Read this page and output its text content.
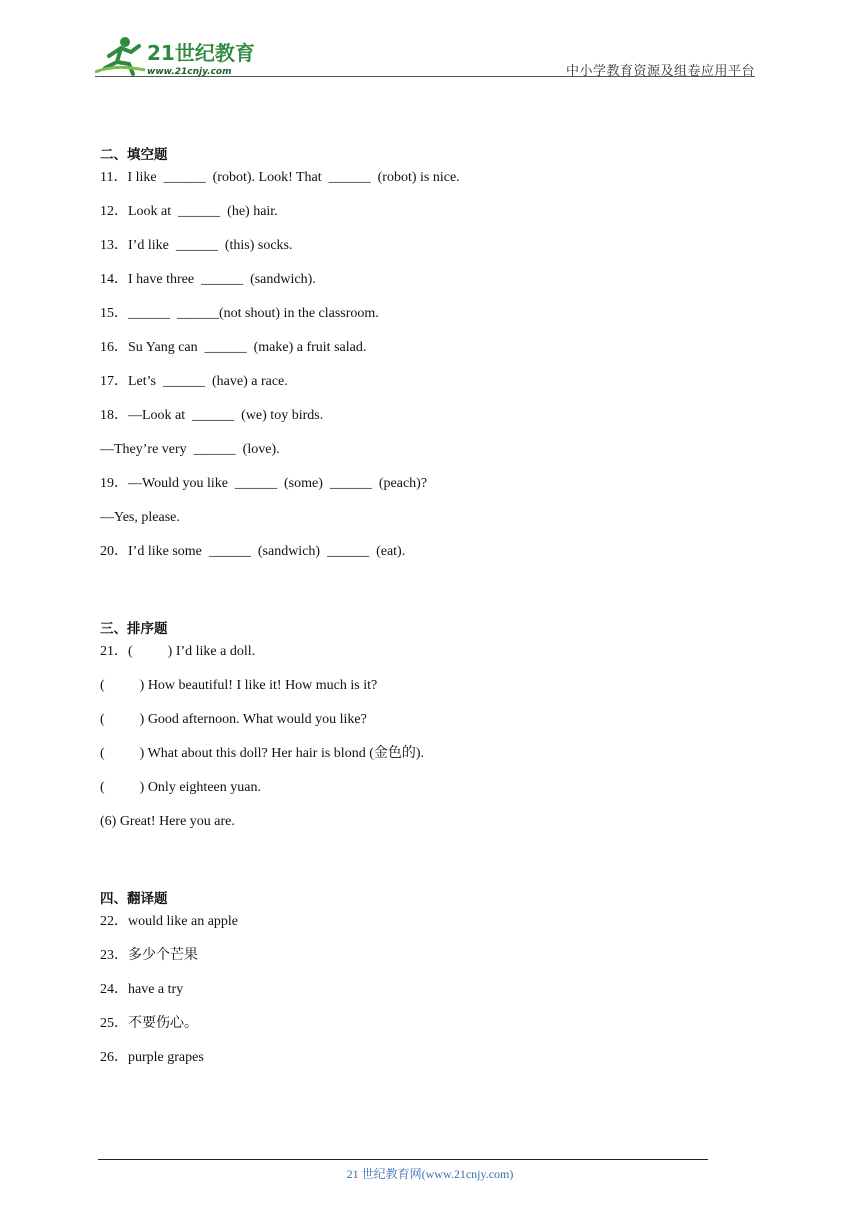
21世纪教育
www.21cnjy.com	中小学教育资源及组卷应用平台
二、填空题
11．I like  ______  (robot). Look! That  ______  (robot) is nice.
12．Look at  ______  (he) hair.
13．I’d like  ______  (this) socks.
14．I have three  ______  (sandwich).
15．______  ______(not shout) in the classroom.
16．Su Yang can  ______  (make) a fruit salad.
17．Let’s  ______  (have) a race.
18．—Look at  ______  (we) toy birds.
—They’re very  ______  (love).
19．—Would you like  ______  (some)  ______  (peach)?
—Yes, please.
20．I’d like some  ______  (sandwich)  ______  (eat).
三、排序题
21．(          ) I’d like a doll.
(          ) How beautiful! I like it! How much is it?
(          ) Good afternoon. What would you like?
(          ) What about this doll? Her hair is blond (金色的).
(          ) Only eighteen yuan.
(6) Great! Here you are.
四、翻译题
22．would like an apple
23．多少个芒果
24．have a try
25．不要伤心。
26．purple grapes
21 世纪教育网(www.21cnjy.com)
